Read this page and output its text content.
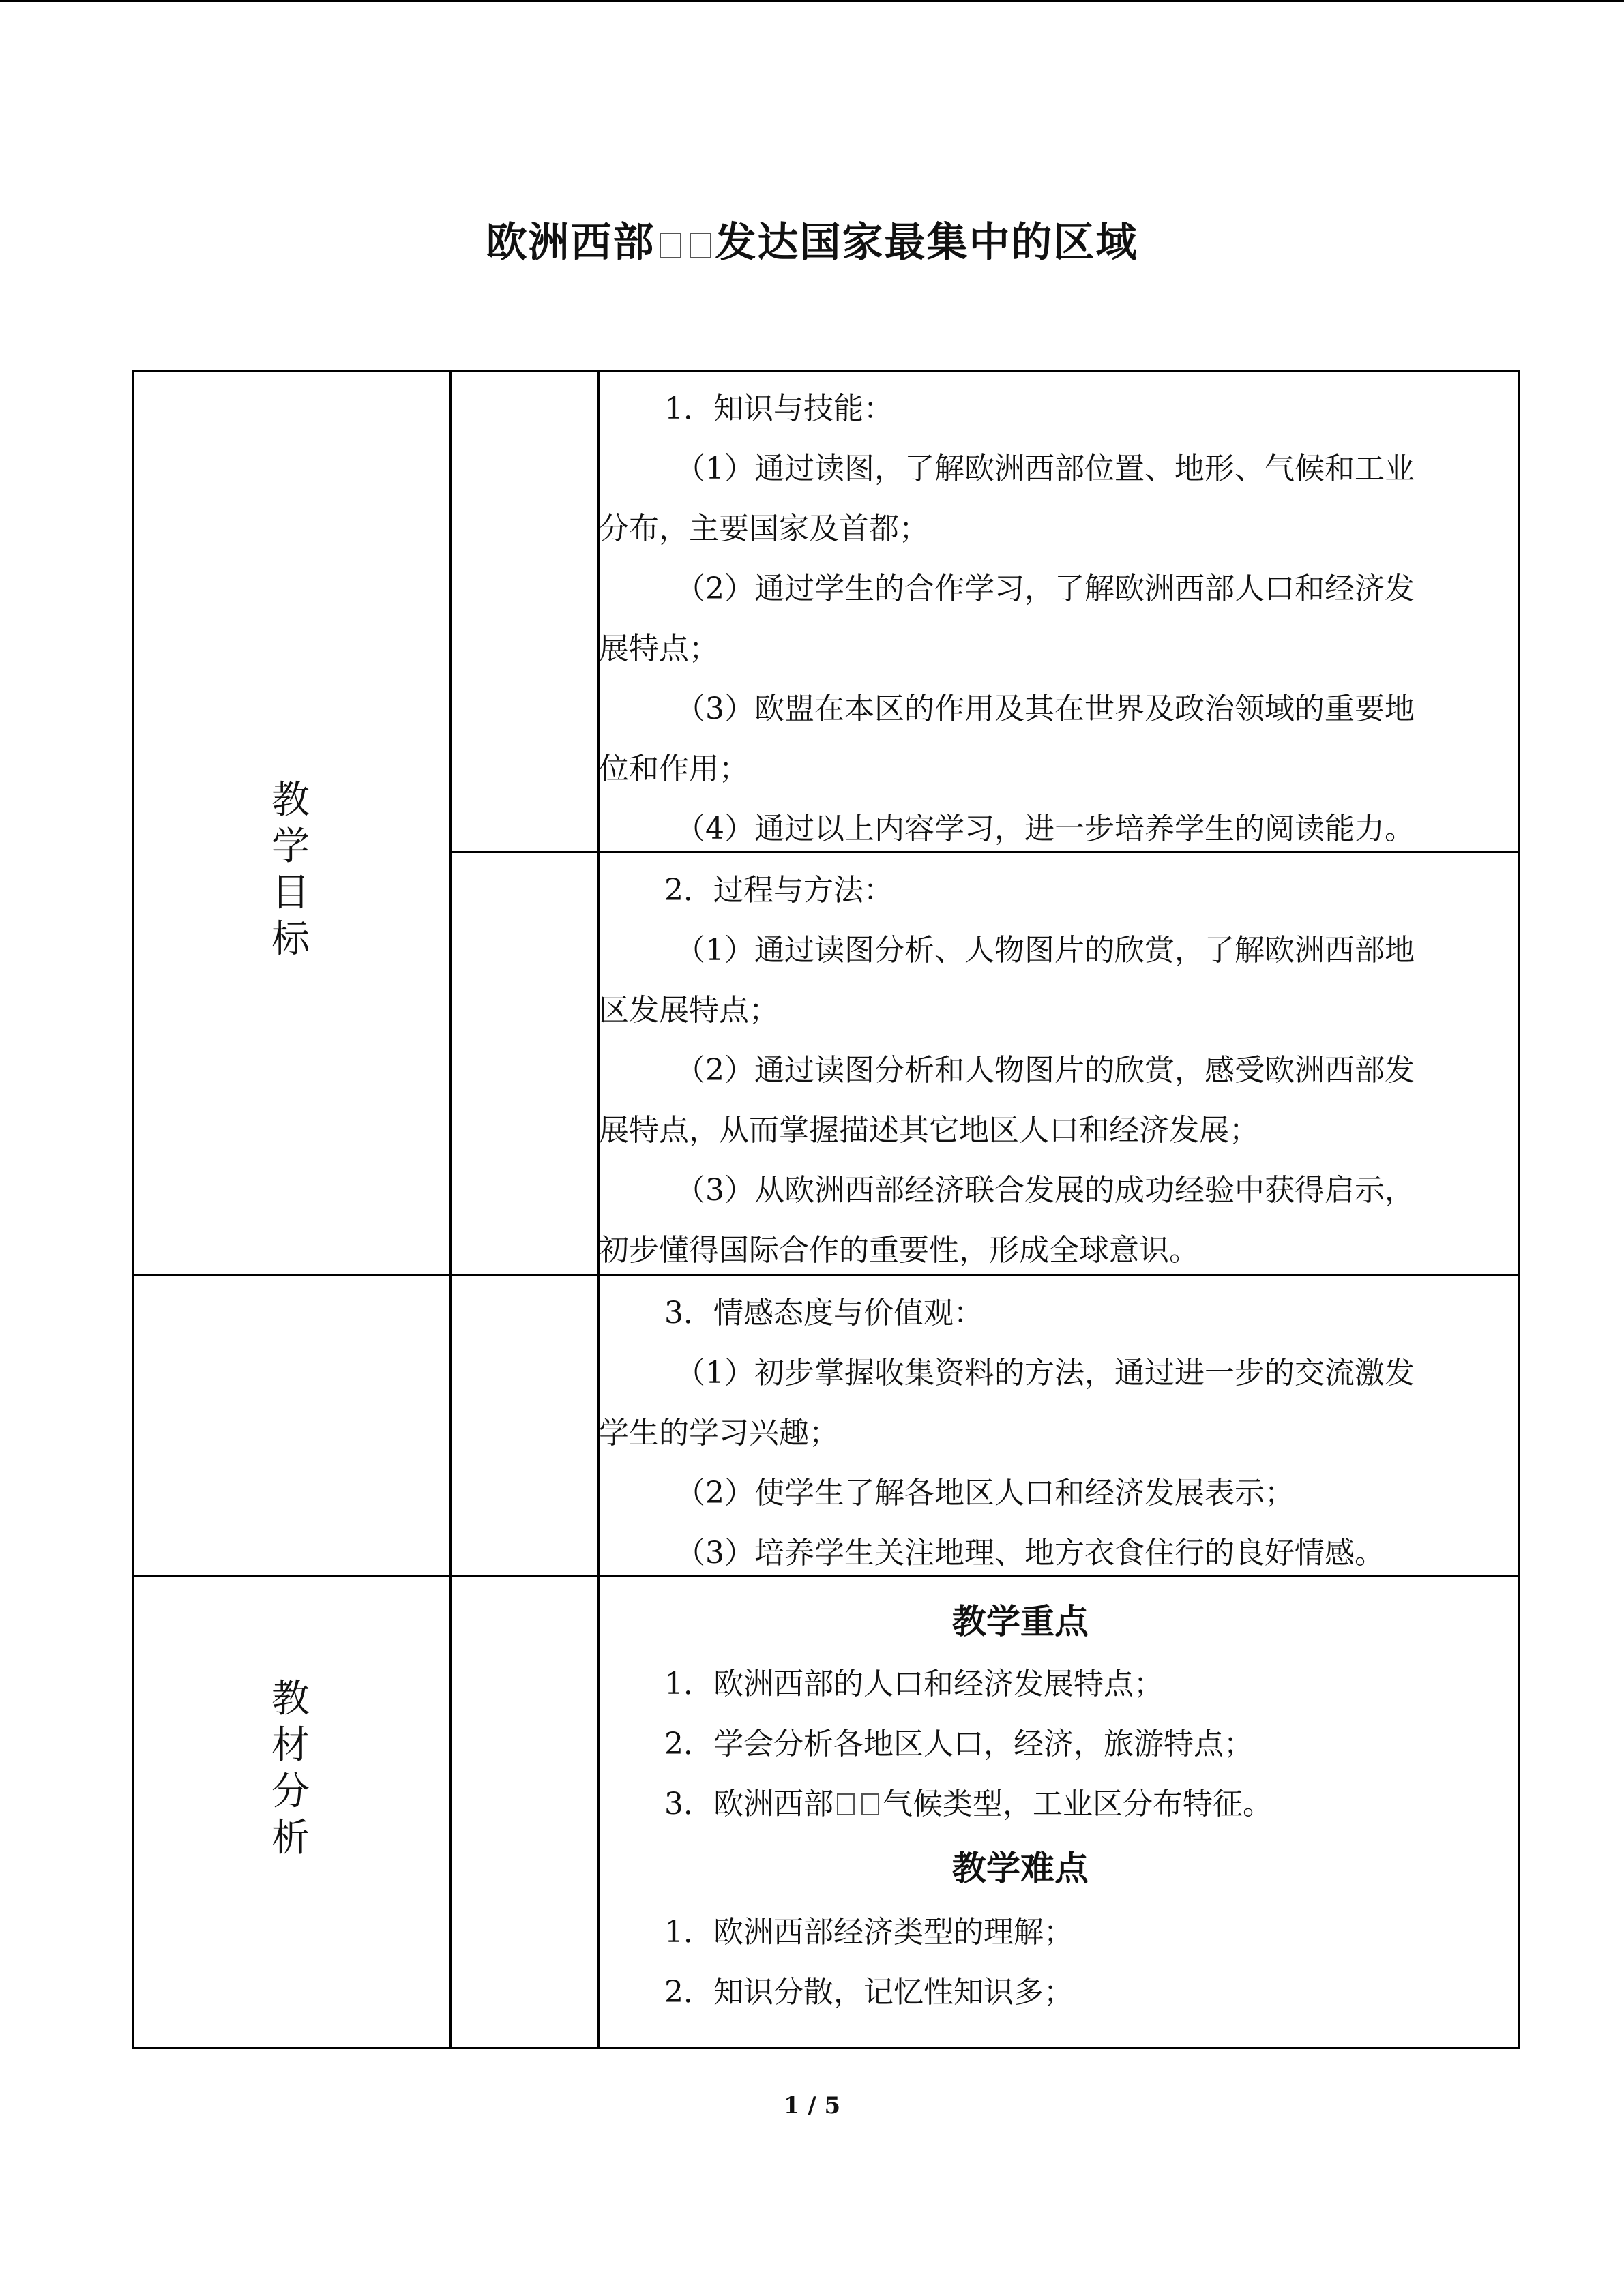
欧洲西部 发达国家最集中的区域
教学目标
教材分析

1．知识与技能：

（1）通过读图，了解欧洲西部位置、地形、气候和工业

分布，主要国家及首都；

（2）通过学生的合作学习，了解欧洲西部人口和经济发

展特点；

（3）欧盟在本区的作用及其在世界及政治领域的重要地

位和作用；

（4）通过以上内容学习，进一步培养学生的阅读能力。

2．过程与方法：

（1）通过读图分析、人物图片的欣赏，了解欧洲西部地

区发展特点；

（2）通过读图分析和人物图片的欣赏，感受欧洲西部发

展特点，从而掌握描述其它地区人口和经济发展；

（3）从欧洲西部经济联合发展的成功经验中获得启示，

初步懂得国际合作的重要性，形成全球意识。

3．情感态度与价值观：

（1）初步掌握收集资料的方法，通过进一步的交流激发

学生的学习兴趣；

（2）使学生了解各地区人口和经济发展表示；

（3）培养学生关注地理、地方衣食住行的良好情感。

教学重点

1．欧洲西部的人口和经济发展特点；

2．学会分析各地区人口，经济，旅游特点；

3．欧洲西部 气候类型，工业区分布特征。

教学难点

1．欧洲西部经济类型的理解；

2．知识分散，记忆性知识多；

1 / 5
